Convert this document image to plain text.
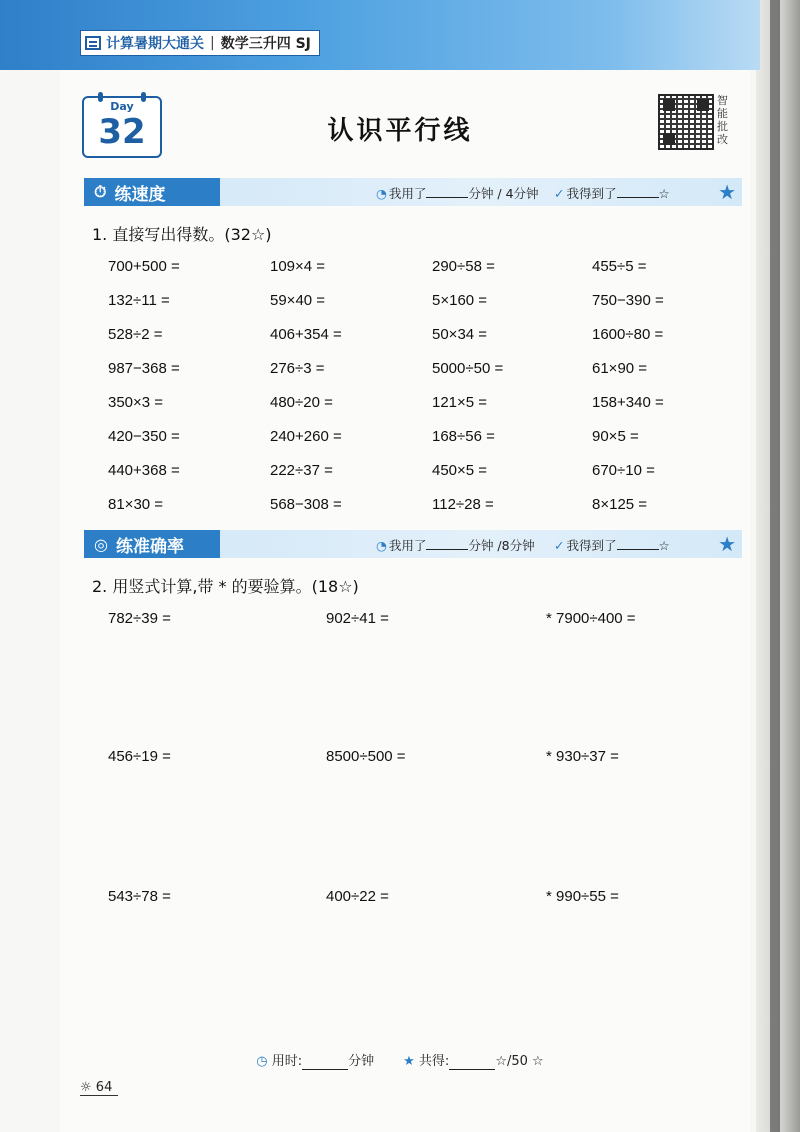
计算暑期大通关 | 数学三升四 SJ
Day
32	认识平行线
智能批改
⏱ 练速度	◔ 我用了	分钟 / 4分钟 ✓ 我得到了	☆ ★
1. 直接写出得数。(32☆)
700+500 =	109×4 =	290÷58 =	455÷5 =
132÷11 =	59×40 =	5×160 =	750−390 =
528÷2 =	406+354 =	50×34 =	1600÷80 =
987−368 =	276÷3 =	5000÷50 =	61×90 =
350×3 =	480÷20 =	121×5 =	158+340 =
420−350 =	240+260 =	168÷56 =	90×5 =
440+368 =	222÷37 =	450×5 =	670÷10 =
81×30 =	568−308 =	112÷28 =	8×125 =
◎ 练准确率	◔ 我用了	分钟 /8分钟 ✓ 我得到了	☆ ★
2. 用竖式计算,带 * 的要验算。(18☆)
782÷39 =	902÷41 =	* 7900÷400 =
456÷19 =	8500÷500 =	* 930÷37 =
543÷78 =	400÷22 =	* 990÷55 =
◷ 用时:	分钟 ★ 共得:	☆/50 ☆
☼ 64
